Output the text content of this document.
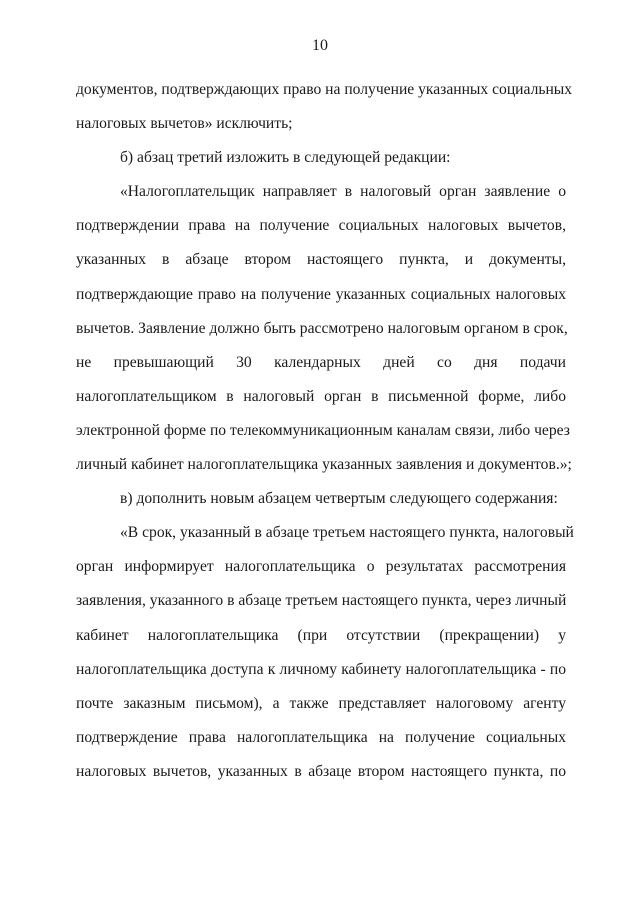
10
документов, подтверждающих право на получение указанных социальных
налоговых вычетов» исключить;
б) абзац третий изложить в следующей редакции:
«Налогоплательщик направляет в налоговый орган заявление о
подтверждении права на получение социальных налоговых вычетов,
указанных в абзаце втором настоящего пункта, и документы,
подтверждающие право на получение указанных социальных налоговых
вычетов. Заявление должно быть рассмотрено налоговым органом в срок,
не превышающий 30 календарных дней со дня подачи
налогоплательщиком в налоговый орган в письменной форме, либо
электронной форме по телекоммуникационным каналам связи, либо через
личный кабинет налогоплательщика указанных заявления и документов.»;
в) дополнить новым абзацем четвертым следующего содержания:
«В срок, указанный в абзаце третьем настоящего пункта, налоговый
орган информирует налогоплательщика о результатах рассмотрения
заявления, указанного в абзаце третьем настоящего пункта, через личный
кабинет налогоплательщика (при отсутствии (прекращении) у
налогоплательщика доступа к личному кабинету налогоплательщика - по
почте заказным письмом), а также представляет налоговому агенту
подтверждение права налогоплательщика на получение социальных
налоговых вычетов, указанных в абзаце втором настоящего пункта, по
